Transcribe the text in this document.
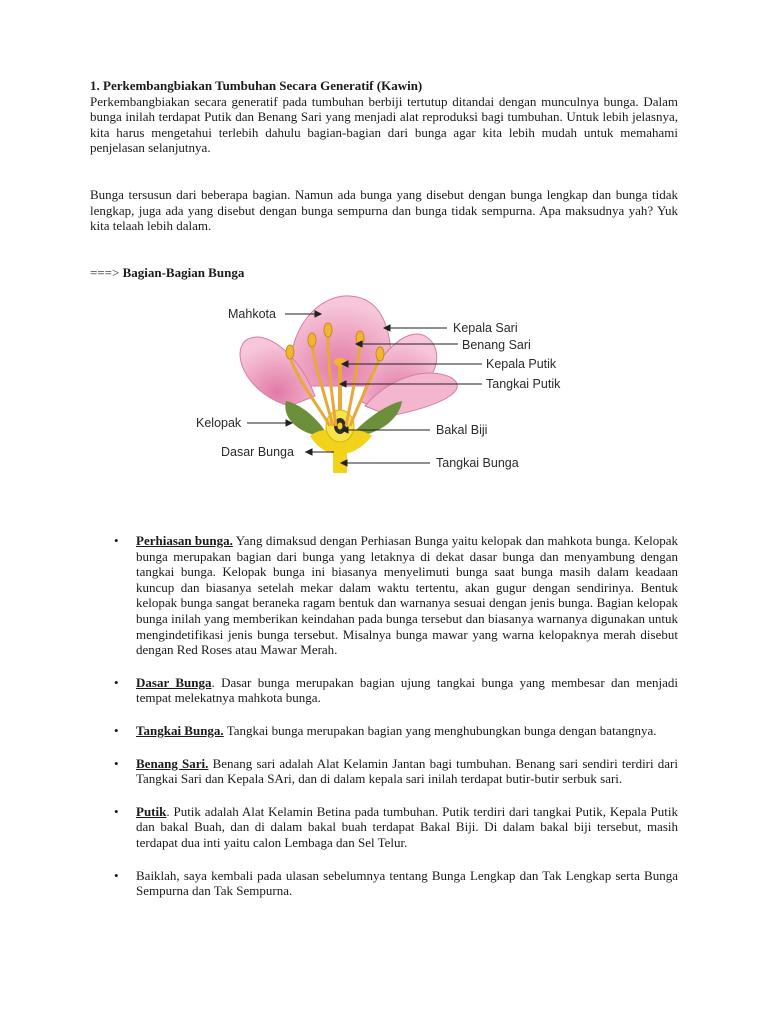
1. Perkembangbiakan Tumbuhan Secara Generatif (Kawin)

Perkembangbiakan secara generatif pada tumbuhan berbiji tertutup ditandai dengan munculnya bunga. Dalam bunga inilah terdapat Putik dan Benang Sari yang menjadi alat reproduksi bagi tumbuhan. Untuk lebih jelasnya, kita harus mengetahui terlebih dahulu bagian-bagian dari bunga agar kita lebih mudah untuk memahami penjelasan selanjutnya.

Bunga tersusun dari beberapa bagian. Namun ada bunga yang disebut dengan bunga lengkap dan bunga tidak lengkap, juga ada yang disebut dengan bunga sempurna dan bunga tidak sempurna. Apa maksudnya yah? Yuk kita telaah lebih dalam.

===> Bagian-Bagian Bunga

Mahkota
Kelopak
Dasar Bunga
Kepala Sari
Benang Sari
Kepala Putik
Tangkai Putik
Bakal Biji
Tangkai Bunga
• Perhiasan bunga. Yang dimaksud dengan Perhiasan Bunga yaitu kelopak dan mahkota bunga. Kelopak bunga merupakan bagian dari bunga yang letaknya di dekat dasar bunga dan menyambung dengan tangkai bunga. Kelopak bunga ini biasanya menyelimuti bunga saat bunga masih dalam keadaan kuncup dan biasanya setelah mekar dalam waktu tertentu, akan gugur dengan sendirinya. Bentuk kelopak bunga sangat beraneka ragam bentuk dan warnanya sesuai dengan jenis bunga. Bagian kelopak bunga inilah yang memberikan keindahan pada bunga tersebut dan biasanya warnanya digunakan untuk mengindetifikasi jenis bunga tersebut. Misalnya bunga mawar yang warna kelopaknya merah disebut dengan Red Roses atau Mawar Merah.
• Dasar Bunga. Dasar bunga merupakan bagian ujung tangkai bunga yang membesar dan menjadi tempat melekatnya mahkota bunga.
• Tangkai Bunga. Tangkai bunga merupakan bagian yang menghubungkan bunga dengan batangnya.
• Benang Sari. Benang sari adalah Alat Kelamin Jantan bagi tumbuhan. Benang sari sendiri terdiri dari Tangkai Sari dan Kepala SAri, dan di dalam kepala sari inilah terdapat butir-butir serbuk sari.
• Putik. Putik adalah Alat Kelamin Betina pada tumbuhan. Putik terdiri dari tangkai Putik, Kepala Putik dan bakal Buah, dan di dalam bakal buah terdapat Bakal Biji. Di dalam bakal biji tersebut, masih terdapat dua inti yaitu calon Lembaga dan Sel Telur.
• Baiklah, saya kembali pada ulasan sebelumnya tentang Bunga Lengkap dan Tak Lengkap serta Bunga Sempurna dan Tak Sempurna.
